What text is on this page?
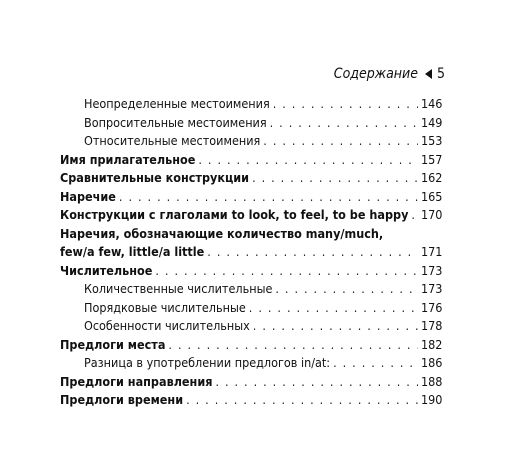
Содержание 5
Неопределенные местоимения . . .	146
Вопросительные местоимения . . .	149
Относительные местоимения . . .	153
Имя прилагательное . . .	157
Сравнительные конструкции . . .	162
Наречие . . .	165
Конструкции с глаголами to look, to feel, to be happy . . . 170
Наречия, обозначающие количество many/much,
few/a few, little/a little . . .	171
Числительное . . .	173
Количественные числительные . . .	173
Порядковые числительные . . .	176
Особенности числительных . . .	178
Предлоги места . . .	182
Разница в употреблении предлогов in/at: . . .	186
Предлоги направления . . .	188
Предлоги времени . . .	190
